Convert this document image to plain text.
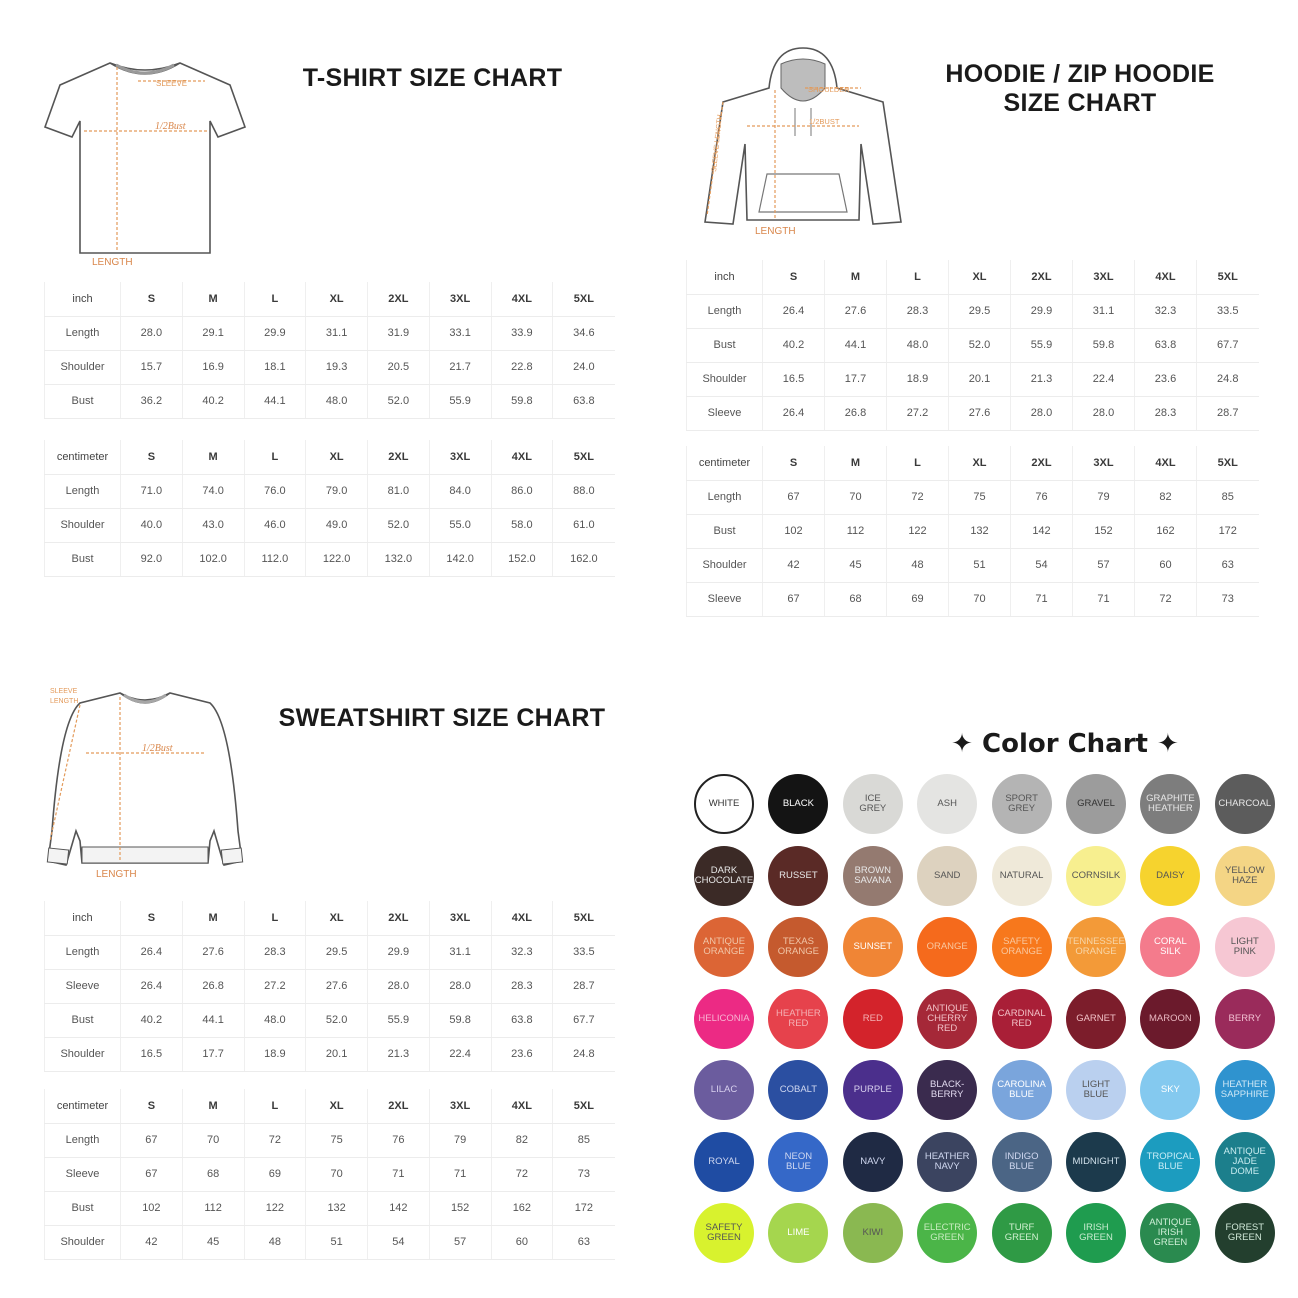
SLEEVE
1/2Bust
LENGTH
T-SHIRT SIZE CHART
inch	S	M	L	XL	2XL	3XL	4XL	5XL
Length	28.0	29.1	29.9	31.1	31.9	33.1	33.9	34.6
Shoulder	15.7	16.9	18.1	19.3	20.5	21.7	22.8	24.0
Bust	36.2	40.2	44.1	48.0	52.0	55.9	59.8	63.8
centimeter	S	M	L	XL	2XL	3XL	4XL	5XL
Length	71.0	74.0	76.0	79.0	81.0	84.0	86.0	88.0
Shoulder	40.0	43.0	46.0	49.0	52.0	55.0	58.0	61.0
Bust	92.0	102.0	112.0	122.0	132.0	142.0	152.0	162.0
SHOULDER
1/2BUST
SLEEVE LENGTH
LENGTH
HOODIE / ZIP HOODIE
SIZE CHART
inch	S	M	L	XL	2XL	3XL	4XL	5XL
Length	26.4	27.6	28.3	29.5	29.9	31.1	32.3	33.5
Bust	40.2	44.1	48.0	52.0	55.9	59.8	63.8	67.7
Shoulder	16.5	17.7	18.9	20.1	21.3	22.4	23.6	24.8
Sleeve	26.4	26.8	27.2	27.6	28.0	28.0	28.3	28.7
centimeter	S	M	L	XL	2XL	3XL	4XL	5XL
Length	67	70	72	75	76	79	82	85
Bust	102	112	122	132	142	152	162	172
Shoulder	42	45	48	51	54	57	60	63
Sleeve	67	68	69	70	71	71	72	73
SLEEVE
LENGTH
1/2Bust
LENGTH
SWEATSHIRT SIZE CHART
inch	S	M	L	XL	2XL	3XL	4XL	5XL
Length	26.4	27.6	28.3	29.5	29.9	31.1	32.3	33.5
Sleeve	26.4	26.8	27.2	27.6	28.0	28.0	28.3	28.7
Bust	40.2	44.1	48.0	52.0	55.9	59.8	63.8	67.7
Shoulder	16.5	17.7	18.9	20.1	21.3	22.4	23.6	24.8
centimeter	S	M	L	XL	2XL	3XL	4XL	5XL
Length	67	70	72	75	76	79	82	85
Sleeve	67	68	69	70	71	71	72	73
Bust	102	112	122	132	142	152	162	172
Shoulder	42	45	48	51	54	57	60	63
✦ Color Chart ✦
WHITE	BLACK	ICE
GREY	ASH	SPORT
GREY	GRAVEL	GRAPHITE
HEATHER	CHARCOAL
DARK
CHOCOLATE	RUSSET	BROWN
SAVANA	SAND	NATURAL	CORNSILK	DAISY	YELLOW
HAZE
ANTIQUE
ORANGE
TEXAS
ORANGE	SUNSET	ORANGE	SAFETY
ORANGE
TENNESSEE
ORANGE
CORAL
SILK
LIGHT
PINK
HELICONIA	HEATHER
RED	RED
ANTIQUE
CHERRY
RED
CARDINAL
RED	GARNET	MAROON	BERRY
LILAC	COBALT	PURPLE	BLACK-
BERRY
CAROLINA
BLUE
LIGHT
BLUE	SKY	HEATHER
SAPPHIRE
ROYAL	NEON
BLUE	NAVY	HEATHER
NAVY
INDIGO
BLUE	MIDNIGHT	TROPICAL
BLUE
ANTIQUE
JADE
DOME
SAFETY
GREEN	LIME	KIWI	ELECTRIC
GREEN
TURF
GREEN
IRISH
GREEN
ANTIQUE
IRISH
GREEN
FOREST
GREEN
